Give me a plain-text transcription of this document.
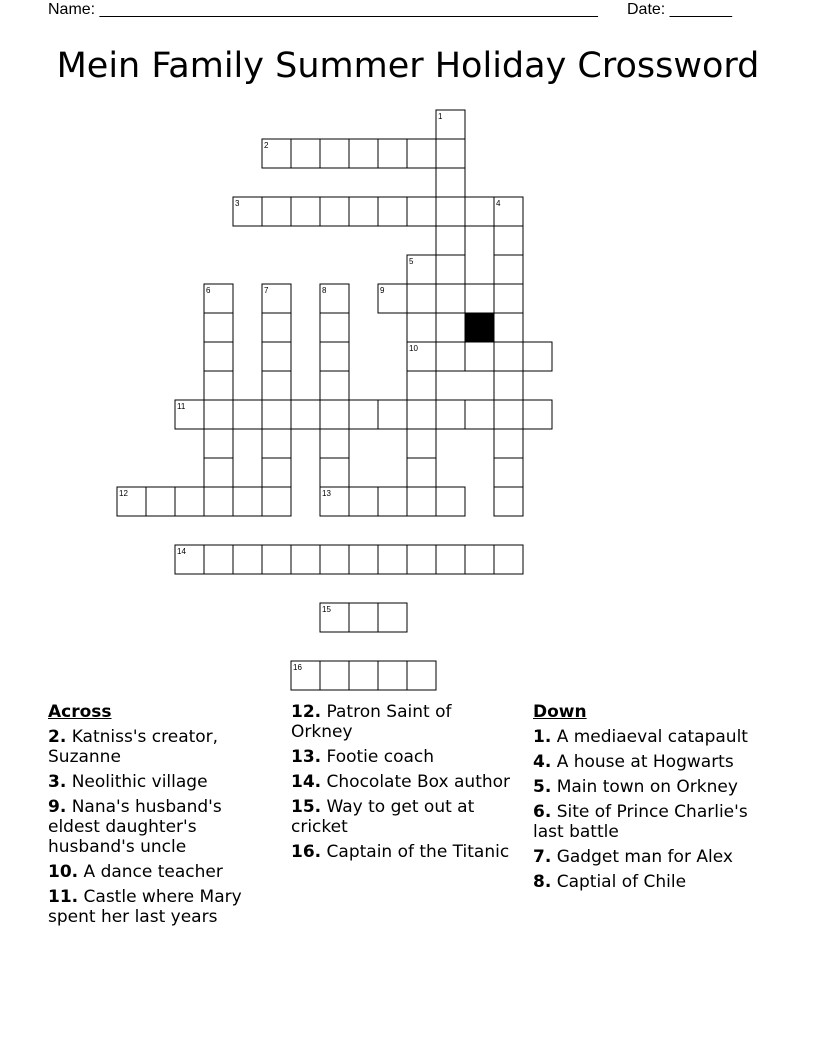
Name: ________________________________________________________ Date: _______
Mein Family Summer Holiday Crossword
1
2
3	4
5
6	7	8	9
10
11
12	13
14
15
16
Across
2. Katniss's creator, Suzanne
3. Neolithic village
9. Nana's husband's eldest daughter's husband's uncle
10. A dance teacher
11. Castle where Mary spent her last years
12. Patron Saint of Orkney
13. Footie coach
14. Chocolate Box author
15. Way to get out at cricket
16. Captain of the Titanic
Down
1. A mediaeval catapault
4. A house at Hogwarts
5. Main town on Orkney
6. Site of Prince Charlie's last battle
7. Gadget man for Alex
8. Captial of Chile
